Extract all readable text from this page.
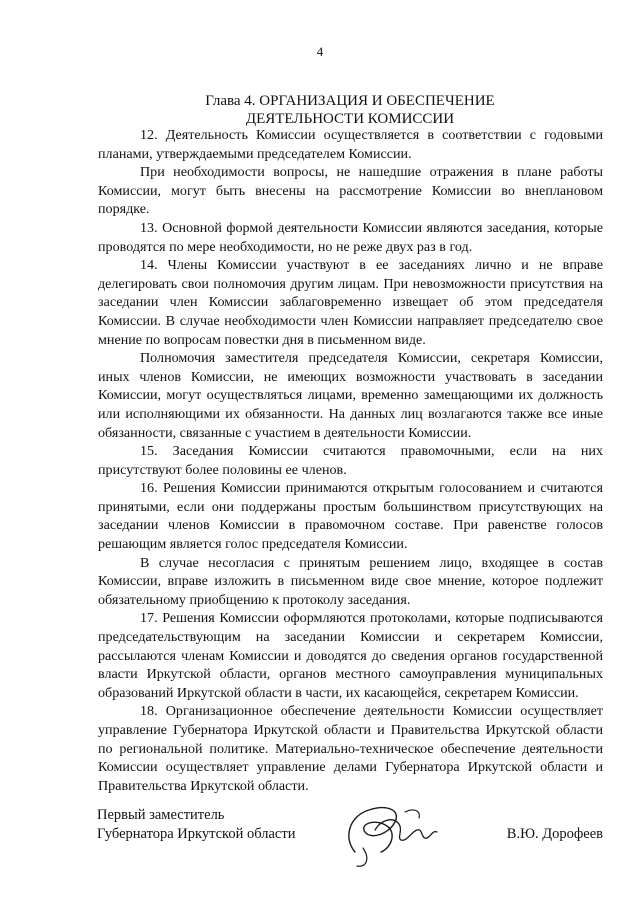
4
Глава 4. ОРГАНИЗАЦИЯ И ОБЕСПЕЧЕНИЕ
ДЕЯТЕЛЬНОСТИ КОМИССИИ

12. Деятельность Комиссии осуществляется в соответствии с годовыми планами, утверждаемыми председателем Комиссии.

При необходимости вопросы, не нашедшие отражения в плане работы Комиссии, могут быть внесены на рассмотрение Комиссии во внеплановом порядке.

13. Основной формой деятельности Комиссии являются заседания, которые проводятся по мере необходимости, но не реже двух раз в год.

14. Члены Комиссии участвуют в ее заседаниях лично и не вправе делегировать свои полномочия другим лицам. При невозможности присутствия на заседании член Комиссии заблаговременно извещает об этом председателя Комиссии. В случае необходимости член Комиссии направляет председателю свое мнение по вопросам повестки дня в письменном виде.

Полномочия заместителя председателя Комиссии, секретаря Комиссии, иных членов Комиссии, не имеющих возможности участвовать в заседании Комиссии, могут осуществляться лицами, временно замещающими их должность или исполняющими их обязанности. На данных лиц возлагаются также все иные обязанности, связанные с участием в деятельности Комиссии.

15. Заседания Комиссии считаются правомочными, если на них присутствуют более половины ее членов.

16. Решения Комиссии принимаются открытым голосованием и считаются принятыми, если они поддержаны простым большинством присутствующих на заседании членов Комиссии в правомочном составе. При равенстве голосов решающим является голос председателя Комиссии.

В случае несогласия с принятым решением лицо, входящее в состав Комиссии, вправе изложить в письменном виде свое мнение, которое подлежит обязательному приобщению к протоколу заседания.

17. Решения Комиссии оформляются протоколами, которые подписываются председательствующим на заседании Комиссии и секретарем Комиссии, рассылаются членам Комиссии и доводятся до сведения органов государственной власти Иркутской области, органов местного самоуправления муниципальных образований Иркутской области в части, их касающейся, секретарем Комиссии.

18. Организационное обеспечение деятельности Комиссии осуществляет управление Губернатора Иркутской области и Правительства Иркутской области по региональной политике. Материально-техническое обеспечение деятельности Комиссии осуществляет управление делами Губернатора Иркутской области и Правительства Иркутской области.

Первый заместитель
Губернатора Иркутской области	В.Ю. Дорофеев
